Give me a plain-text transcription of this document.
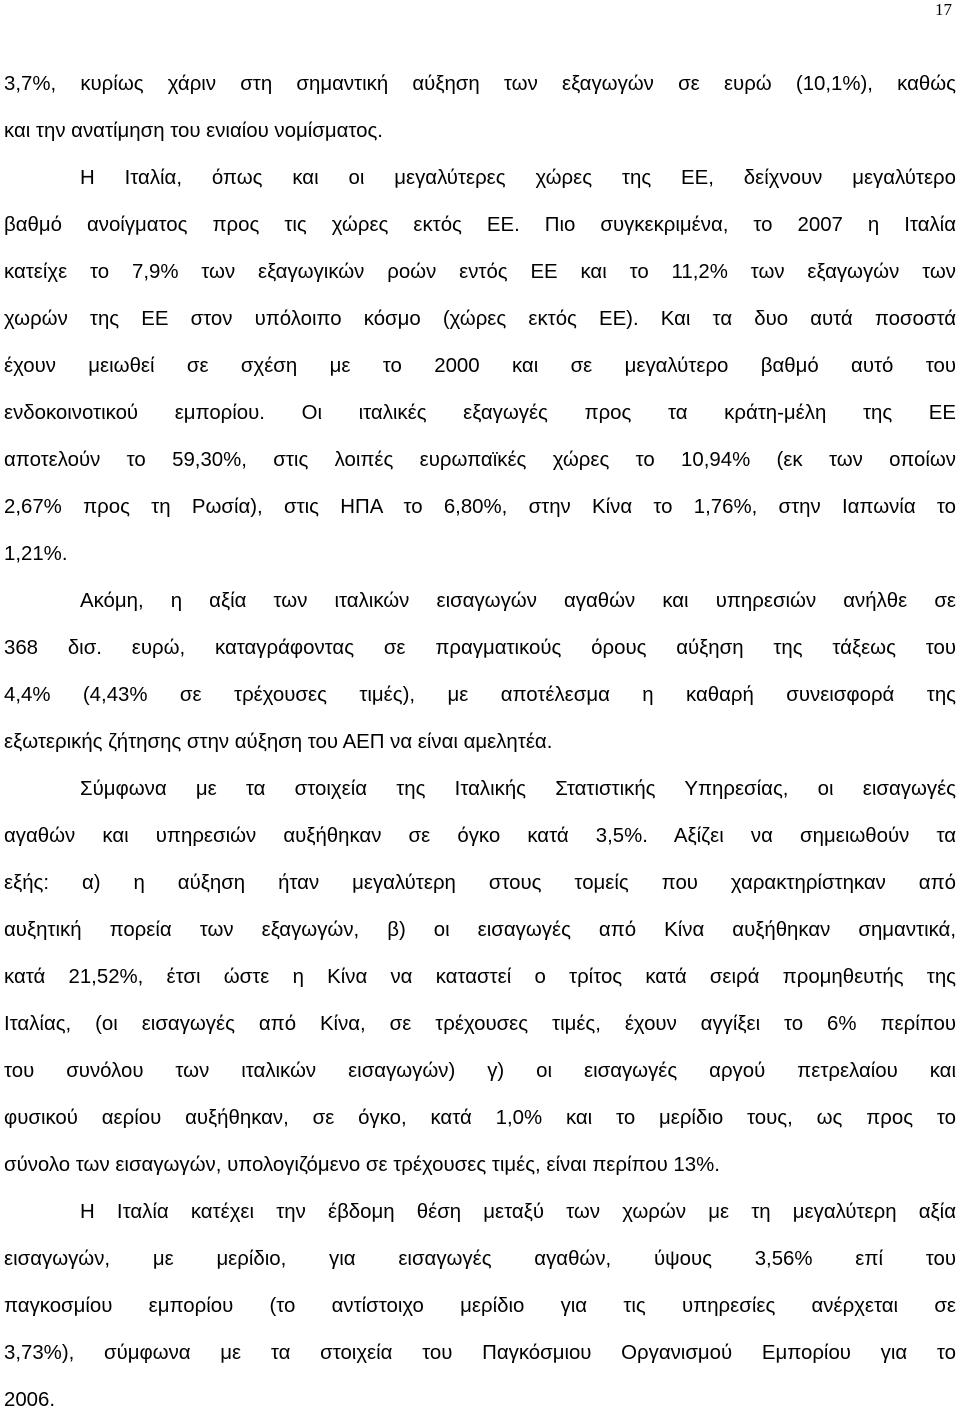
17
3,7%, κυρίως χάριν στη σημαντική αύξηση των εξαγωγών σε ευρώ (10,1%), καθώς
και την ανατίμηση του ενιαίου νομίσματος.
Η Ιταλία, όπως και οι μεγαλύτερες χώρες της ΕΕ, δείχνουν μεγαλύτερο
βαθμό ανοίγματος προς τις χώρες εκτός ΕΕ. Πιο συγκεκριμένα, το 2007 η Ιταλία
κατείχε το 7,9% των εξαγωγικών ροών εντός ΕΕ και το 11,2% των εξαγωγών των
χωρών της ΕΕ στον υπόλοιπο κόσμο (χώρες εκτός ΕΕ). Και τα δυο αυτά ποσοστά
έχουν μειωθεί σε σχέση με το 2000 και σε μεγαλύτερο βαθμό αυτό του
ενδοκοινοτικού εμπορίου. Οι ιταλικές εξαγωγές προς τα κράτη-μέλη της ΕΕ
αποτελούν το 59,30%, στις λοιπές ευρωπαϊκές χώρες το 10,94% (εκ των οποίων
2,67% προς τη Ρωσία), στις ΗΠΑ το 6,80%, στην Κίνα το 1,76%, στην Ιαπωνία το
1,21%.
Ακόμη, η αξία των ιταλικών εισαγωγών αγαθών και υπηρεσιών ανήλθε σε
368 δισ. ευρώ, καταγράφοντας σε πραγματικούς όρους αύξηση της τάξεως του
4,4% (4,43% σε τρέχουσες τιμές), με αποτέλεσμα η καθαρή συνεισφορά της
εξωτερικής ζήτησης στην αύξηση του ΑΕΠ να είναι αμελητέα.
Σύμφωνα με τα στοιχεία της Ιταλικής Στατιστικής Υπηρεσίας, οι εισαγωγές
αγαθών και υπηρεσιών αυξήθηκαν σε όγκο κατά 3,5%. Αξίζει να σημειωθούν τα
εξής: α) η αύξηση ήταν μεγαλύτερη στους τομείς που χαρακτηρίστηκαν από
αυξητική πορεία των εξαγωγών, β) οι εισαγωγές από Κίνα αυξήθηκαν σημαντικά,
κατά 21,52%, έτσι ώστε η Κίνα να καταστεί ο τρίτος κατά σειρά προμηθευτής της
Ιταλίας, (οι εισαγωγές από Κίνα, σε τρέχουσες τιμές, έχουν αγγίξει το 6% περίπου
του συνόλου των ιταλικών εισαγωγών) γ) οι εισαγωγές αργού πετρελαίου και
φυσικού αερίου αυξήθηκαν, σε όγκο, κατά 1,0% και το μερίδιο τους, ως προς το
σύνολο των εισαγωγών, υπολογιζόμενο σε τρέχουσες τιμές, είναι περίπου 13%.
Η Ιταλία κατέχει την έβδομη θέση μεταξύ των χωρών με τη μεγαλύτερη αξία
εισαγωγών, με μερίδιο, για εισαγωγές αγαθών, ύψους 3,56% επί του
παγκοσμίου εμπορίου (το αντίστοιχο μερίδιο για τις υπηρεσίες ανέρχεται σε
3,73%), σύμφωνα με τα στοιχεία του Παγκόσμιου Οργανισμού Εμπορίου για το
2006.
